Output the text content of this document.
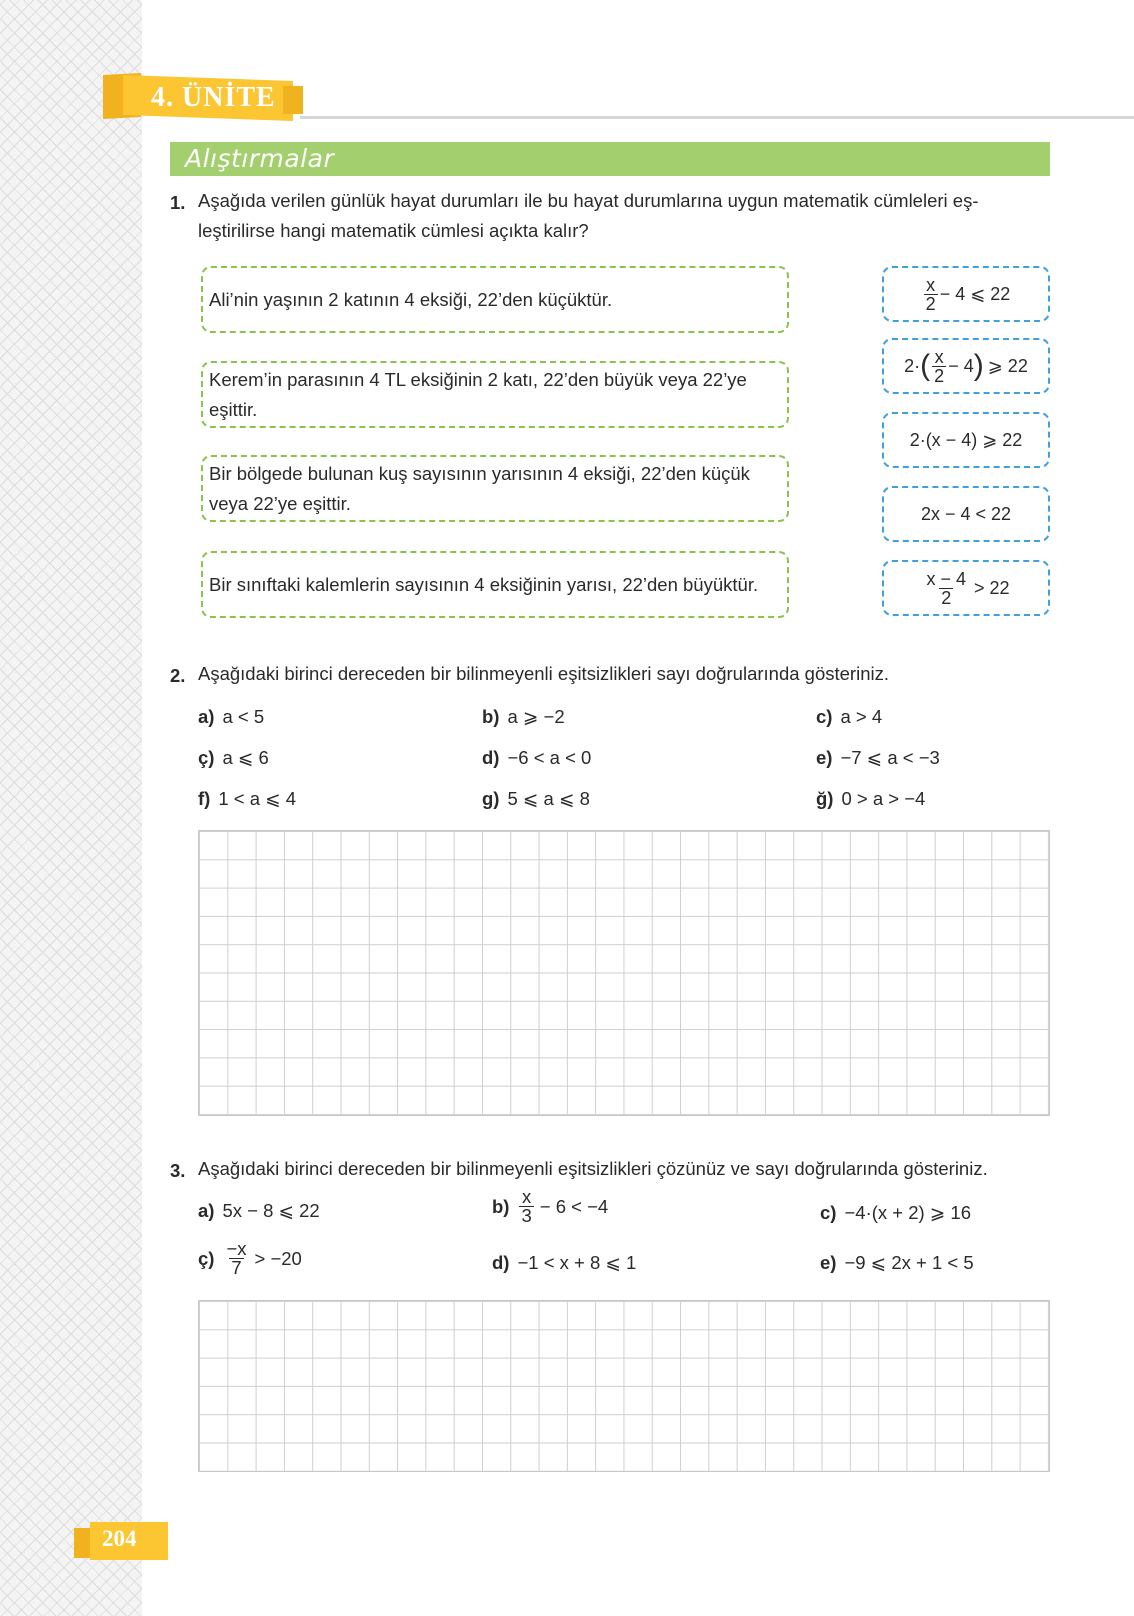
4. ÜNİTE
Alıştırmalar
1. Aşağıda verilen günlük hayat durumları ile bu hayat durumlarına uygun matematik cümleleri eş-
leştirilirse hangi matematik cümlesi açıkta kalır?
Ali’nin yaşının 2 katının 4 eksiği, 22’den küçüktür.
Kerem’in parasının 4 TL eksiğinin 2 katı, 22’den büyük veya 22’ye eşittir.
Bir bölgede bulunan kuş sayısının yarısının 4 eksiği, 22’den küçük veya 22’ye eşittir.
Bir sınıftaki kalemlerin sayısının 4 eksiğinin yarısı, 22’den büyüktür.
$\frac{x}{2} - 4$ ⩽ 22
2· ( $\frac{x}{2} - 4$ ) ⩾ 22
2·(x − 4) ⩾ 22
2x − 4 < 22
$\frac{x - 4}{2} > 22$
2. Aşağıdaki birinci dereceden bir bilinmeyenli eşitsizlikleri sayı doğrularında gösteriniz.
a) a < 5	b) a ⩾ −2	c) a > 4
ç) a ⩽ 6	d) −6 < a < 0	e) −7 ⩽ a < −3
f) 1 < a ⩽ 4	g) 5 ⩽ a ⩽ 8	ğ) 0 > a > −4
3. Aşağıdaki birinci dereceden bir bilinmeyenli eşitsizlikleri çözünüz ve sayı doğrularında gösteriniz.
a) 5x − 8 ⩽ 22	$b) \frac{x}{3} - 6 < -4$	c) −4·(x + 2) ⩾ 16
ç) $\frac{-x}{7} > -20$	d) −1 < x + 8 ⩽ 1	e) −9 ⩽ 2x + 1 < 5
204
